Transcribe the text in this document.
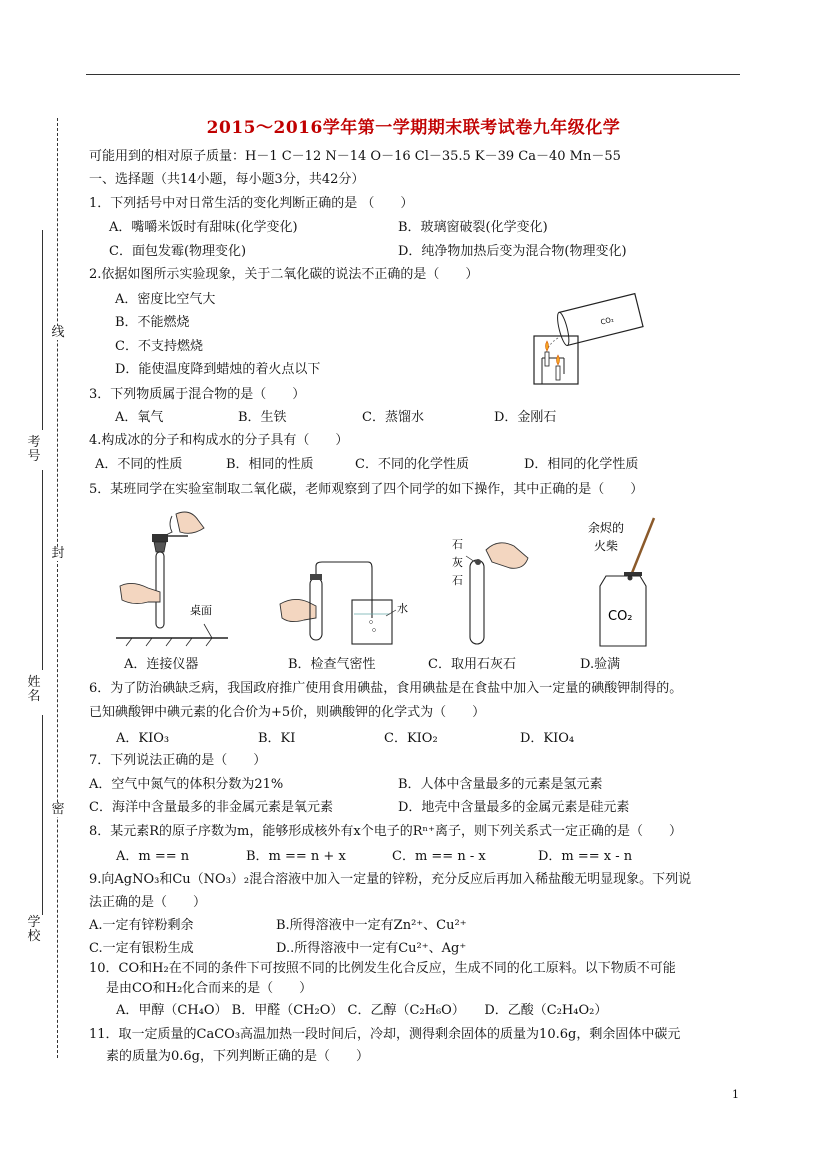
2015～2016学年第一学期期末联考试卷九年级化学
线
封
密
考号
姓名
学校
可能用到的相对原子质量：H－1 C－12 N－14 O－16 Cl－35.5 K－39 Ca－40 Mn－55
一、选择题（共14小题，每小题3分，共42分）
1．下列括号中对日常生活的变化判断正确的是 （　　）
A．嘴嚼米饭时有甜味(化学变化)	B．玻璃窗破裂(化学变化)
C．面包发霉(物理变化)	D．纯净物加热后变为混合物(物理变化)
2.依据如图所示实验现象，关于二氧化碳的说法不正确的是（　　）
A．密度比空气大
B．不能燃烧
C．不支持燃烧
D．能使温度降到蜡烛的着火点以下
CO₂
3．下列物质属于混合物的是（　　）
A．氧气	B．生铁	C．蒸馏水	D．金刚石
4.构成冰的分子和构成水的分子具有（　　）
A．不同的性质	B．相同的性质	C．不同的化学性质	D．相同的化学性质
5．某班同学在实验室制取二氧化碳，老师观察到了四个同学的如下操作，其中正确的是（　　）
桌面	水
石
灰
石
余烬的
火柴
CO₂
A．连接仪器	B．检查气密性	C．取用石灰石	D.验满
6．为了防治碘缺乏病，我国政府推广使用食用碘盐，食用碘盐是在食盐中加入一定量的碘酸钾制得的。
已知碘酸钾中碘元素的化合价为+5价，则碘酸钾的化学式为（　　）
A．KIO₃	B．KI	C．KIO₂	D．KIO₄
7．下列说法正确的是（　　）
A．空气中氮气的体积分数为21%	B．人体中含量最多的元素是氢元素
C．海洋中含量最多的非金属元素是氧元素	D．地壳中含量最多的金属元素是硅元素
8．某元素R的原子序数为m，能够形成核外有x个电子的Rⁿ⁺离子，则下列关系式一定正确的是（　　）
A．m == n	B．m == n + x	C．m == n - x	D．m == x - n
9.向AgNO₃和Cu（NO₃）₂混合溶液中加入一定量的锌粉，充分反应后再加入稀盐酸无明显现象。下列说
法正确的是（　　）
A.一定有锌粉剩余	B.所得溶液中一定有Zn²⁺、Cu²⁺
C.一定有银粉生成	D..所得溶液中一定有Cu²⁺、Ag⁺
10．CO和H₂在不同的条件下可按照不同的比例发生化合反应，生成不同的化工原料。以下物质不可能
是由CO和H₂化合而来的是（　　）
A．甲醇（CH₄O） B．甲醛（CH₂O） C．乙醇（C₂H₆O）　　D．乙酸（C₂H₄O₂）
11．取一定质量的CaCO₃高温加热一段时间后，冷却，测得剩余固体的质量为10.6g，剩余固体中碳元
素的质量为0.6g，下列判断正确的是（　　）
1
